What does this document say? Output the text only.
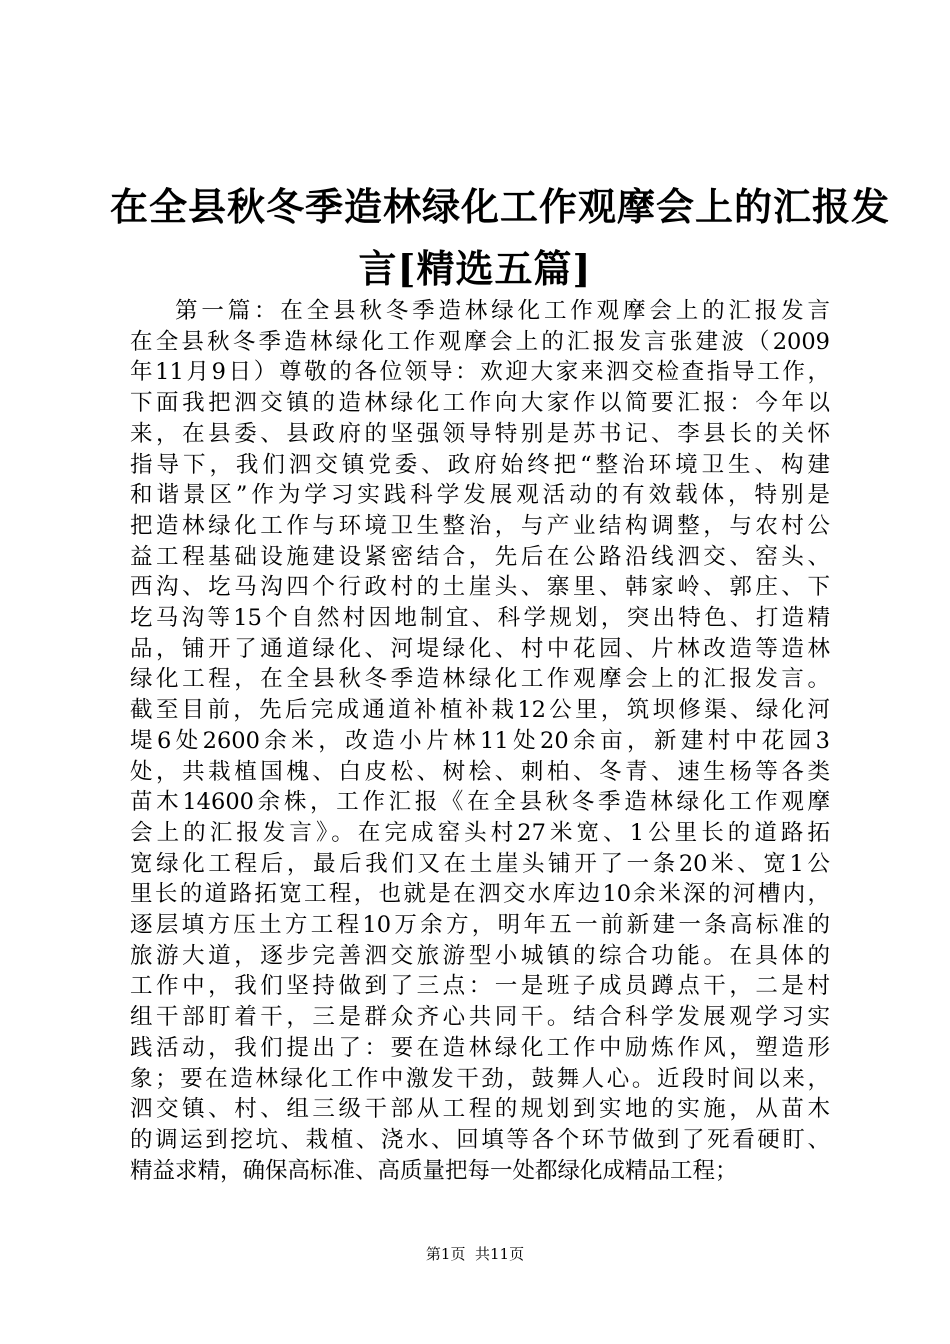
在全县秋冬季造林绿化工作观摩会上的汇报发
言[精选五篇]
第一篇：在全县秋冬季造林绿化工作观摩会上的汇报发言
在全县秋冬季造林绿化工作观摩会上的汇报发言张建波（2009
年11月9日）尊敬的各位领导：欢迎大家来泗交检查指导工作，
下面我把泗交镇的造林绿化工作向大家作以简要汇报：今年以
来，在县委、县政府的坚强领导特别是苏书记、李县长的关怀
指导下，我们泗交镇党委、政府始终把“整治环境卫生、构建
和谐景区”作为学习实践科学发展观活动的有效载体，特别是
把造林绿化工作与环境卫生整治，与产业结构调整，与农村公
益工程基础设施建设紧密结合，先后在公路沿线泗交、窑头、
西沟、圪马沟四个行政村的土崖头、寨里、韩家岭、郭庄、下
圪马沟等15个自然村因地制宜、科学规划，突出特色、打造精
品，铺开了通道绿化、河堤绿化、村中花园、片林改造等造林
绿化工程，在全县秋冬季造林绿化工作观摩会上的汇报发言。
截至目前，先后完成通道补植补栽12公里，筑坝修渠、绿化河
堤6处2600余米，改造小片林11处20余亩，新建村中花园3
处，共栽植国槐、白皮松、树桧、刺柏、冬青、速生杨等各类
苗木14600余株，工作汇报《在全县秋冬季造林绿化工作观摩
会上的汇报发言》。在完成窑头村27米宽、1公里长的道路拓
宽绿化工程后，最后我们又在土崖头铺开了一条20米、宽1公
里长的道路拓宽工程，也就是在泗交水库边10余米深的河槽内，
逐层填方压土方工程10万余方，明年五一前新建一条高标准的
旅游大道，逐步完善泗交旅游型小城镇的综合功能。在具体的
工作中，我们坚持做到了三点：一是班子成员蹲点干，二是村
组干部盯着干，三是群众齐心共同干。结合科学发展观学习实
践活动，我们提出了：要在造林绿化工作中励炼作风，塑造形
象；要在造林绿化工作中激发干劲，鼓舞人心。近段时间以来，
泗交镇、村、组三级干部从工程的规划到实地的实施，从苗木
的调运到挖坑、栽植、浇水、回填等各个环节做到了死看硬盯、
精益求精，确保高标准、高质量把每一处都绿化成精品工程；
第1页  共11页
